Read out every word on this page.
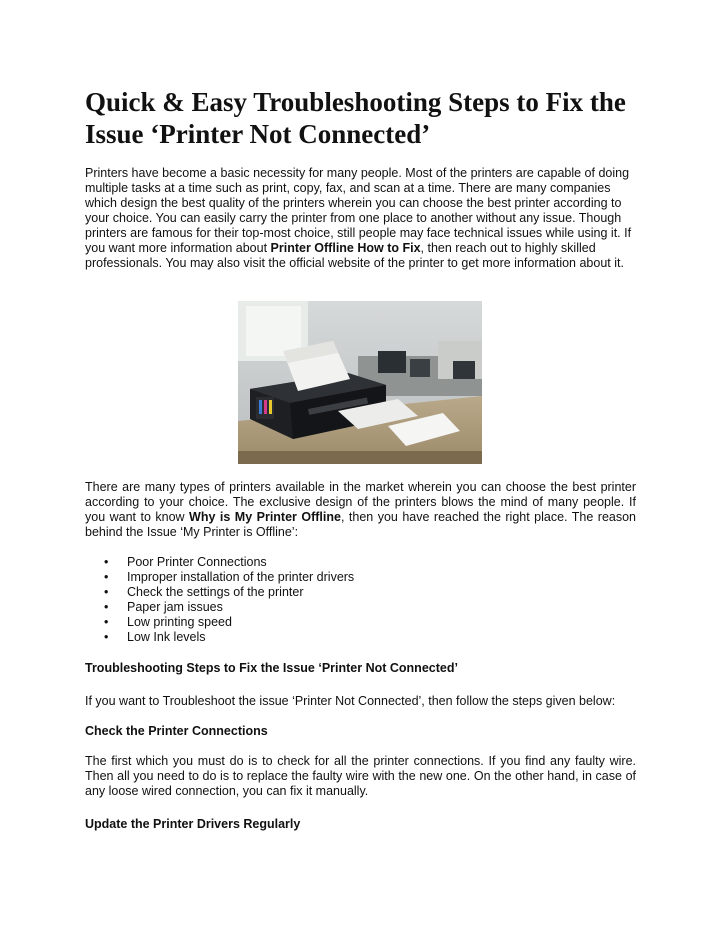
Quick & Easy Troubleshooting Steps to Fix the Issue ‘Printer Not Connected’

Printers have become a basic necessity for many people. Most of the printers are capable of doing multiple tasks at a time such as print, copy, fax, and scan at a time. There are many companies which design the best quality of the printers wherein you can choose the best printer according to your choice. You can easily carry the printer from one place to another without any issue. Though printers are famous for their top-most choice, still people may face technical issues while using it. If you want more information about Printer Offline How to Fix, then reach out to highly skilled professionals. You may also visit the official website of the printer to get more information about it.

There are many types of printers available in the market wherein you can choose the best printer according to your choice. The exclusive design of the printers blows the mind of many people. If you want to know Why is My Printer Offline, then you have reached the right place. The reason behind the Issue ‘My Printer is Offline’:

• Poor Printer Connections
• Improper installation of the printer drivers
• Check the settings of the printer
• Paper jam issues
• Low printing speed
• Low Ink levels

Troubleshooting Steps to Fix the Issue ‘Printer Not Connected’

If you want to Troubleshoot the issue ‘Printer Not Connected’, then follow the steps given below:

Check the Printer Connections

The first which you must do is to check for all the printer connections. If you find any faulty wire. Then all you need to do is to replace the faulty wire with the new one. On the other hand, in case of any loose wired connection, you can fix it manually.

Update the Printer Drivers Regularly
